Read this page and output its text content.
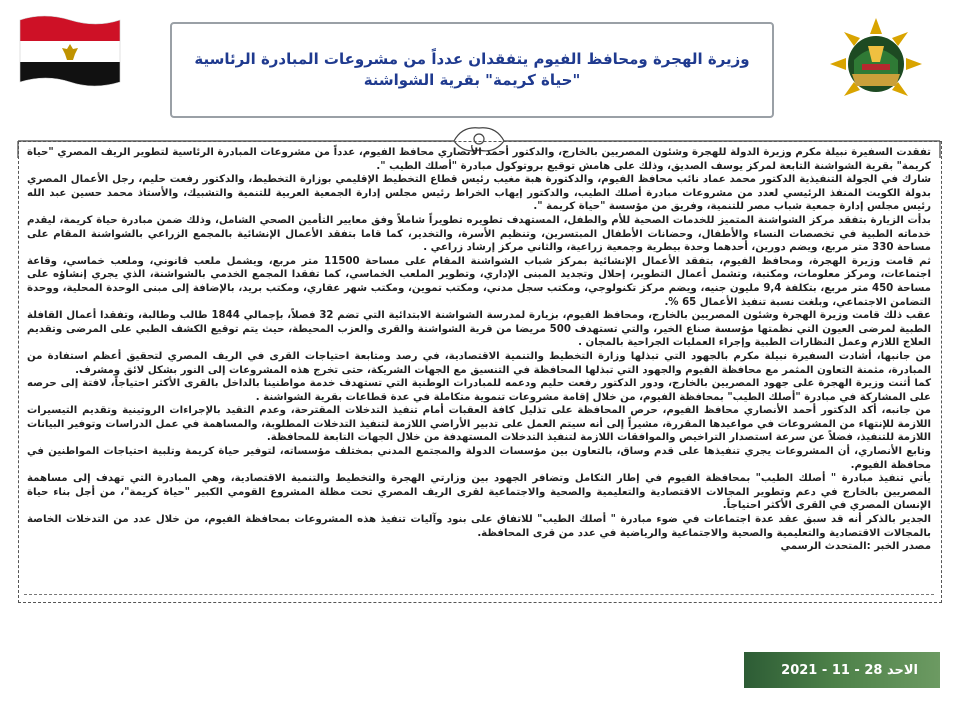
وزيرة الهجرة ومحافظ الفيوم يتفقدان عدداً من مشروعات المبادرة الرئاسية "حياة كريمة" بقرية الشواشنة

تفقدت السفيرة نبيلة مكرم وزيرة الدولة للهجرة وشئون المصريين بالخارج، والدكتور أحمد الأنصاري محافظ الفيوم، عدداً من مشروعات المبادرة الرئاسية لتطوير الريف المصري "حياة كريمة" بقرية الشواشنة التابعة لمركز يوسف الصديق، وذلك على هامش توقيع بروتوكول مبادرة "أصلك الطيب ".

شارك في الجولة التنفيذية الدكتور محمد عماد نائب محافظ الفيوم، والدكتورة هبة مغيب رئيس قطاع التخطيط الإقليمي بوزارة التخطيط، والدكتور رفعت حليم، رجل الأعمال المصري بدولة الكويت المنفذ الرئيسي لعدد من مشروعات مبادرة أصلك الطيب، والدكتور إيهاب الخراط رئيس مجلس إدارة الجمعية العربية للتنمية والتشبيك، والأستاذ محمد حسين عبد الله رئيس مجلس إدارة جمعية شباب مصر للتنمية، وفريق من مؤسسة "حياة كريمة ".

بدأت الزيارة بتفقد مركز الشواشنة المتميز للخدمات الصحية للأم والطفل، المستهدف تطويره تطويراً شاملاً وفق معايير التأمين الصحي الشامل، وذلك ضمن مبادرة حياة كريمة، ليقدم خدماته الطبية في تخصصات النساء والأطفال، وحضانات الأطفال المبتسرين، وتنظيم الأسرة، والتخدير، كما قاما بتفقد الأعمال الإنشائية بالمجمع الزراعي بالشواشنة المقام على مساحة 330 متر مربع، ويضم دورين، أحدهما وحدة بيطرية وجمعية زراعية، والثاني مركز إرشاد زراعي .

ثم قامت وزيرة الهجرة، ومحافظ الفيوم، بتفقد الأعمال الإنشائية بمركز شباب الشواشنة المقام على مساحة 11500 متر مربع، ويشمل ملعب قانوني، وملعب خماسي، وقاعة اجتماعات، ومركز معلومات، ومكتبة، وتشمل أعمال التطوير، إحلال وتجديد المبنى الإداري، وتطوير الملعب الخماسي، كما تفقدا المجمع الخدمي بالشواشنة، الذي يجري إنشاؤه على مساحة 450 متر مربع، بتكلفة 9,4 مليون جنيه، ويضم مركز تكنولوجي، ومكتب سجل مدني، ومكتب تموين، ومكتب شهر عقاري، ومكتب بريد، بالإضافة إلى مبنى الوحدة المحلية، ووحدة التضامن الاجتماعي، وبلغت نسبة تنفيذ الأعمال 65 %.

عقب ذلك قامت وزيرة الهجرة وشئون المصريين بالخارج، ومحافظ الفيوم، بزيارة لمدرسة الشواشنة الابتدائية التي تضم 32 فصلاً، بإجمالي 1844 طالب وطالبة، وتفقدا أعمال القافلة الطبية لمرضى العيون التي نظمتها مؤسسة صناع الخير، والتي تستهدف 500 مريضا من قرية الشواشنة والقرى والعزب المحيطة، حيث يتم توقيع الكشف الطبي على المرضى وتقديم العلاج اللازم وعمل النظارات الطبية وإجراء العمليات الجراحية بالمجان .

من جانبها، أشادت السفيرة نبيلة مكرم بالجهود التي تبذلها وزارة التخطيط والتنمية الاقتصادية، في رصد ومتابعة احتياجات القرى في الريف المصري لتحقيق أعظم استفادة من المبادرة، مثمنة التعاون المثمر مع محافظة الفيوم والجهود التي تبذلها المحافظة في التنسيق مع الجهات الشريكة، حتى تخرج هذه المشروعات إلى النور بشكل لائق ومشرف.

كما أثنت وزيرة الهجرة على جهود المصريين بالخارج، ودور الدكتور رفعت حليم ودعمه للمبادرات الوطنية التي تستهدف خدمة مواطنينا بالداخل بالقرى الأكثر احتياجاً، لافتة إلى حرصه على المشاركة في مبادرة "أصلك الطيب" بمحافظة الفيوم، من خلال إقامة مشروعات تنموية متكاملة في عدة قطاعات بقرية الشواشنة .

من جانبه، أكد الدكتور أحمد الأنصاري محافظ الفيوم، حرص المحافظة على تذليل كافة العقبات أمام تنفيذ التدخلات المقترحة، وعدم التقيد بالإجراءات الروتينية وتقديم التيسيرات اللازمة للإنتهاء من المشروعات في مواعيدها المقررة، مشيراً إلى أنه سيتم العمل على تدبير الأراضي اللازمة لتنفيذ التدخلات المطلوبة، والمساهمة في عمل الدراسات وتوفير البيانات اللازمة للتنفيذ، فضلاً عن سرعة استصدار التراخيص والموافقات اللازمة لتنفيذ التدخلات المستهدفة من خلال الجهات التابعة للمحافظة.

وتابع الأنصاري، أن المشروعات يجري تنفيذها على قدم وساق، بالتعاون بين مؤسسات الدولة والمجتمع المدني بمختلف مؤسساته، لتوفير حياة كريمة وتلبية احتياجات المواطنين في محافظة الفيوم.

يأتي تنفيذ مبادرة " أصلك الطيب" بمحافظة الفيوم في إطار التكامل وتضافر الجهود بين وزارتي الهجرة والتخطيط والتنمية الاقتصادية، وهي المبادرة التي تهدف إلى مساهمة المصريين بالخارج في دعم وتطوير المجالات الاقتصادية والتعليمية والصحية والاجتماعية لقرى الريف المصري تحت مظلة المشروع القومي الكبير "حياة كريمة"، من أجل بناء حياة الإنسان المصري في القرى الأكثر احتياجاً.

الجدير بالذكر أنه قد سبق عقد عدة اجتماعات في ضوء مبادرة " أصلك الطيب" للاتفاق على بنود وآليات تنفيذ هذه المشروعات بمحافظة الفيوم، من خلال عدد من التدخلات الخاصة بالمجالات الاقتصادية والتعليمية والصحية والاجتماعية والرياضية في عدد من قرى المحافظة.

مصدر الخبر :المتحدث الرسمي

الاحد 28 - 11 - 2021
